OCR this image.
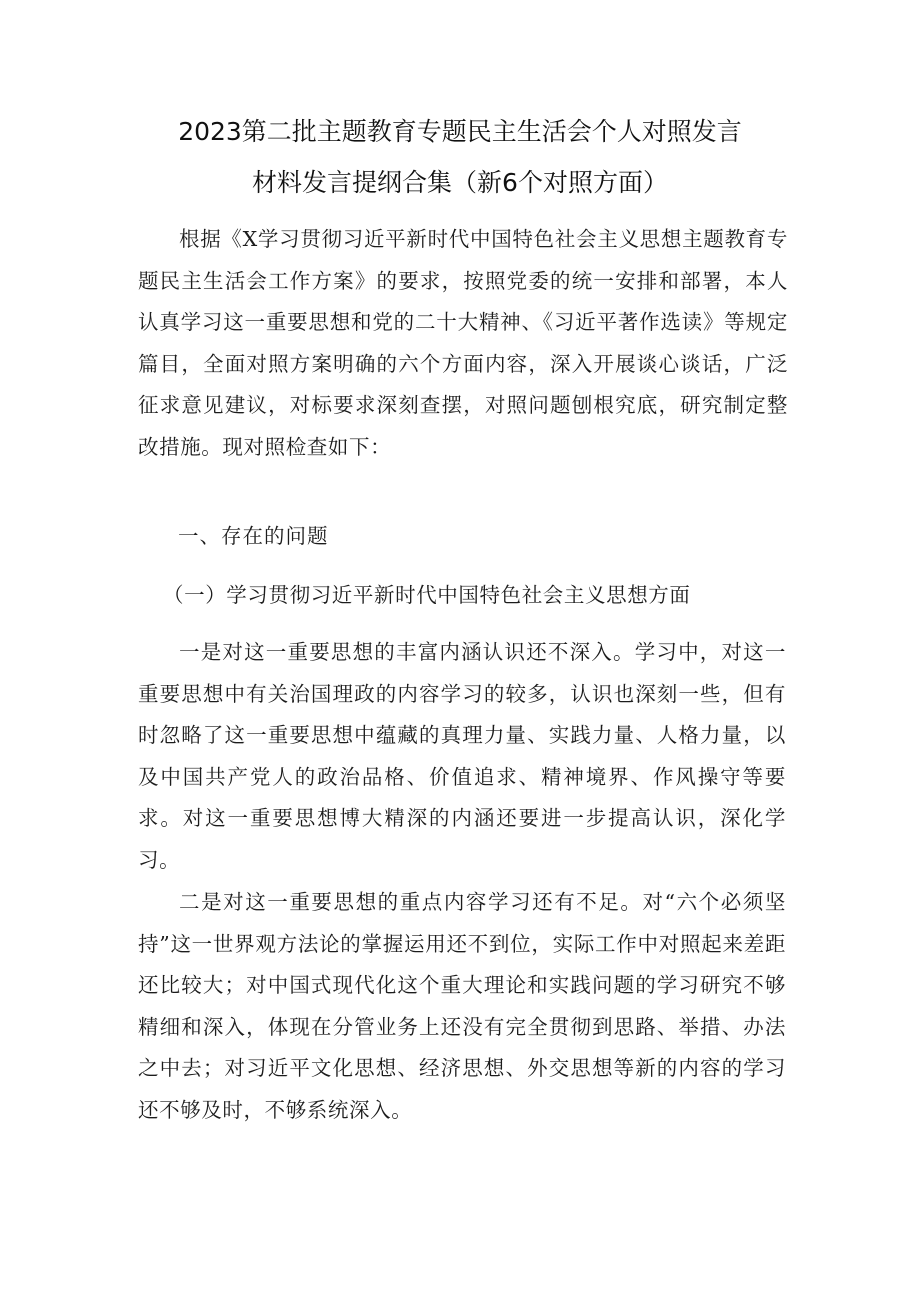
2023第二批主题教育专题民主生活会个人对照发言
材料发言提纲合集（新6个对照方面）

根据《X学习贯彻习近平新时代中国特色社会主义思想主题教育专题民主生活会工作方案》的要求，按照党委的统一安排和部署，本人认真学习这一重要思想和党的二十大精神、《习近平著作选读》等规定篇目，全面对照方案明确的六个方面内容，深入开展谈心谈话，广泛征求意见建议，对标要求深刻查摆，对照问题刨根究底，研究制定整改措施。现对照检查如下：

一、存在的问题
（一）学习贯彻习近平新时代中国特色社会主义思想方面

一是对这一重要思想的丰富内涵认识还不深入。学习中，对这一重要思想中有关治国理政的内容学习的较多，认识也深刻一些，但有时忽略了这一重要思想中蕴藏的真理力量、实践力量、人格力量，以及中国共产党人的政治品格、价值追求、精神境界、作风操守等要求。对这一重要思想博大精深的内涵还要进一步提高认识，深化学习。

二是对这一重要思想的重点内容学习还有不足。对“六个必须坚持”这一世界观方法论的掌握运用还不到位，实际工作中对照起来差距还比较大；对中国式现代化这个重大理论和实践问题的学习研究不够精细和深入，体现在分管业务上还没有完全贯彻到思路、举措、办法之中去；对习近平文化思想、经济思想、外交思想等新的内容的学习还不够及时，不够系统深入。
